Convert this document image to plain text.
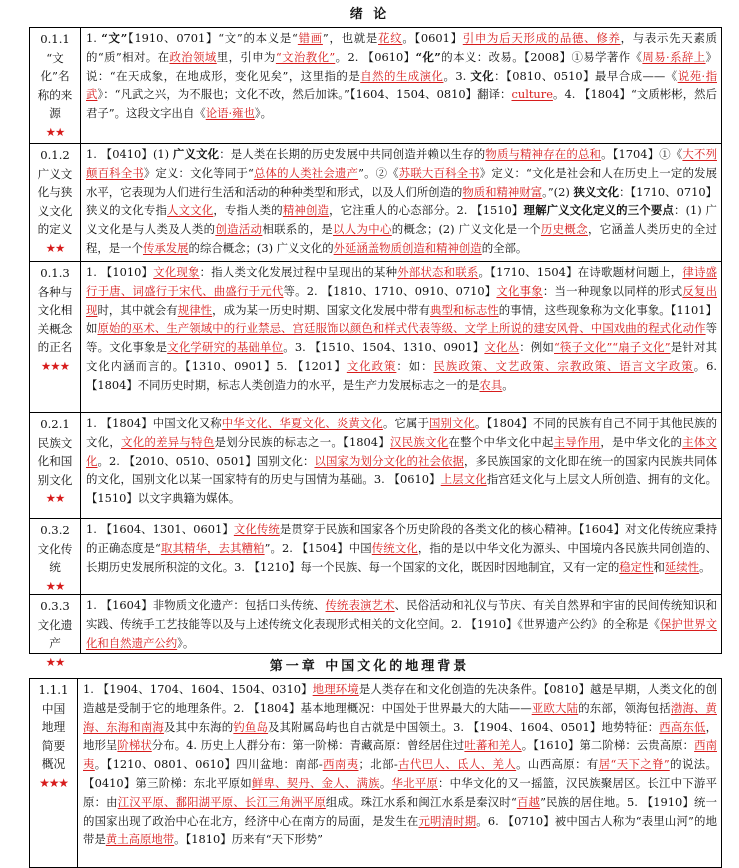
绪 论
0.1.1
“文
化”名
称的来
源
★★
1. “文”【1910、0701】“文”的本义是“错画”，也就是花纹。【0601】引申为后天形成的品德、修养，与表示先天素质的“质”相对。在政治领域里，引申为“文治教化”。2. 【0610】“化”的本义：改易。【2008】①易学著作《周易·系辞上》说：“在天成象，在地成形，变化见矣”，这里指的是自然的生成演化。3. 文化：【0810、0510】最早合成——《说苑·指武》：“凡武之兴，为不服也；文化不改，然后加诛。”【1604、1504、0810】翻译：culture。4. 【1804】“文质彬彬，然后君子”。这段文字出自《论语·雍也》。
0.1.2
广义文
化与狭
义文化
的定义
★★
1. 【0410】(1) 广义文化：是人类在长期的历史发展中共同创造并赖以生存的物质与精神存在的总和。【1704】①《大不列颠百科全书》定义：文化等同于“总体的人类社会遗产”。②《苏联大百科全书》定义：“文化是社会和人在历史上一定的发展水平，它表现为人们进行生活和活动的种种类型和形式，以及人们所创造的物质和精神财富。”(2) 狭义文化：【1710、0710】狭义的文化专指人文文化，专指人类的精神创造，它注重人的心态部分。2. 【1510】理解广义文化定义的三个要点：(1) 广义文化是与人类及人类的创造活动相联系的，是以人为中心的概念；(2) 广义文化是一个历史概念，它涵盖人类历史的全过程，是一个传承发展的综合概念；(3) 广义文化的外延涵盖物质创造和精神创造的全部。
0.1.3
各种与
文化相
关概念
的正名
★★★
1. 【1010】文化现象：指人类文化发展过程中呈现出的某种外部状态和联系。【1710、1504】在诗歌题材问题上，律诗盛行于唐、词盛行于宋代、曲盛行于元代等。2. 【1810、1710、0910、0710】文化事象：当一种现象以同样的形式反复出现时，其中就会有规律性，成为某一历史时期、国家文化发展中带有典型和标志性的事情，这些现象称为文化事象。【1101】如原始的巫术、生产领域中的行业禁忌、宫廷服饰以颜色和样式代表等级、文学上所说的建安风骨、中国戏曲的程式化动作等等。文化事象是文化学研究的基础单位。3. 【1510、1504、1310、0901】文化丛：例如“筷子文化”“扇子文化”是针对其文化内涵而言的。【1310、0901】5. 【1201】文化政策：如：民族政策、文艺政策、宗教政策、语言文字政策。6. 【1804】不同历史时期，标志人类创造力的水平，是生产力发展标志之一的是农具。
0.2.1
民族文
化和国
别文化
★★
1. 【1804】中国文化又称中华文化、华夏文化、炎黄文化。它属于国别文化。【1804】不同的民族有自己不同于其他民族的文化，文化的差异与特色是划分民族的标志之一。【1804】汉民族文化在整个中华文化中起主导作用，是中华文化的主体文化。2. 【2010、0510、0501】国别文化：以国家为划分文化的社会依据，多民族国家的文化即在统一的国家内民族共同体的文化，国别文化以某一国家特有的历史与国情为基础。3. 【0610】上层文化指宫廷文化与上层文人所创造、拥有的文化。【1510】以文字典籍为媒体。
0.3.2
文化传
统
★★
1. 【1604、1301、0601】文化传统是贯穿于民族和国家各个历史阶段的各类文化的核心精神。【1604】对文化传统应秉持的正确态度是“取其精华，去其糟粕”。2. 【1504】中国传统文化，指的是以中华文化为源头、中国境内各民族共同创造的、长期历史发展所积淀的文化。3. 【1210】每一个民族、每一个国家的文化，既因时因地制宜，又有一定的稳定性和延续性。
0.3.3
文化遗
产
★★
1. 【1604】非物质文化遗产：包括口头传统、传统表演艺术、民俗活动和礼仪与节庆、有关自然界和宇宙的民间传统知识和实践、传统手工艺技能等以及与上述传统文化表现形式相关的文化空间。2. 【1910】《世界遗产公约》的全称是《保护世界文化和自然遗产公约》。
第一章 中国文化的地理背景
1.1.1
中国
地理
简要
概况
★★★
1. 【1904、1704、1604、1504、0310】地理环境是人类存在和文化创造的先决条件。【0810】越是早期，人类文化的创造越是受制于它的地理条件。2. 【1804】基本地理概况：中国处于世界最大的大陆——亚欧大陆的东部，领海包括渤海、黄海、东海和南海及其中东海的钓鱼岛及其附属岛屿也自古就是中国领土。3. 【1904、1604、0501】地势特征：西高东低，地形呈阶梯状分布。4. 历史上人群分布：第一阶梯：青藏高原：曾经居住过吐蕃和羌人。【1610】第二阶梯：云贵高原：西南夷。【1210、0801、0610】四川盆地：南部-西南夷；北部-古代巴人、氐人、羌人。山西高原：有居“天下之脊”的说法。【0410】第三阶梯：东北平原如鲜卑、契丹、金人、满族。华北平原：中华文化的又一摇篮，汉民族聚居区。长江中下游平原：由江汉平原、鄱阳湖平原、长江三角洲平原组成。珠江水系和闽江水系是秦汉时“百越”民族的居住地。5. 【1910】统一的国家出现了政治中心在北方，经济中心在南方的局面，是发生在元明清时期。6. 【0710】被中国古人称为“表里山河”的地带是黄土高原地带。【1810】历来有“天下形势”
